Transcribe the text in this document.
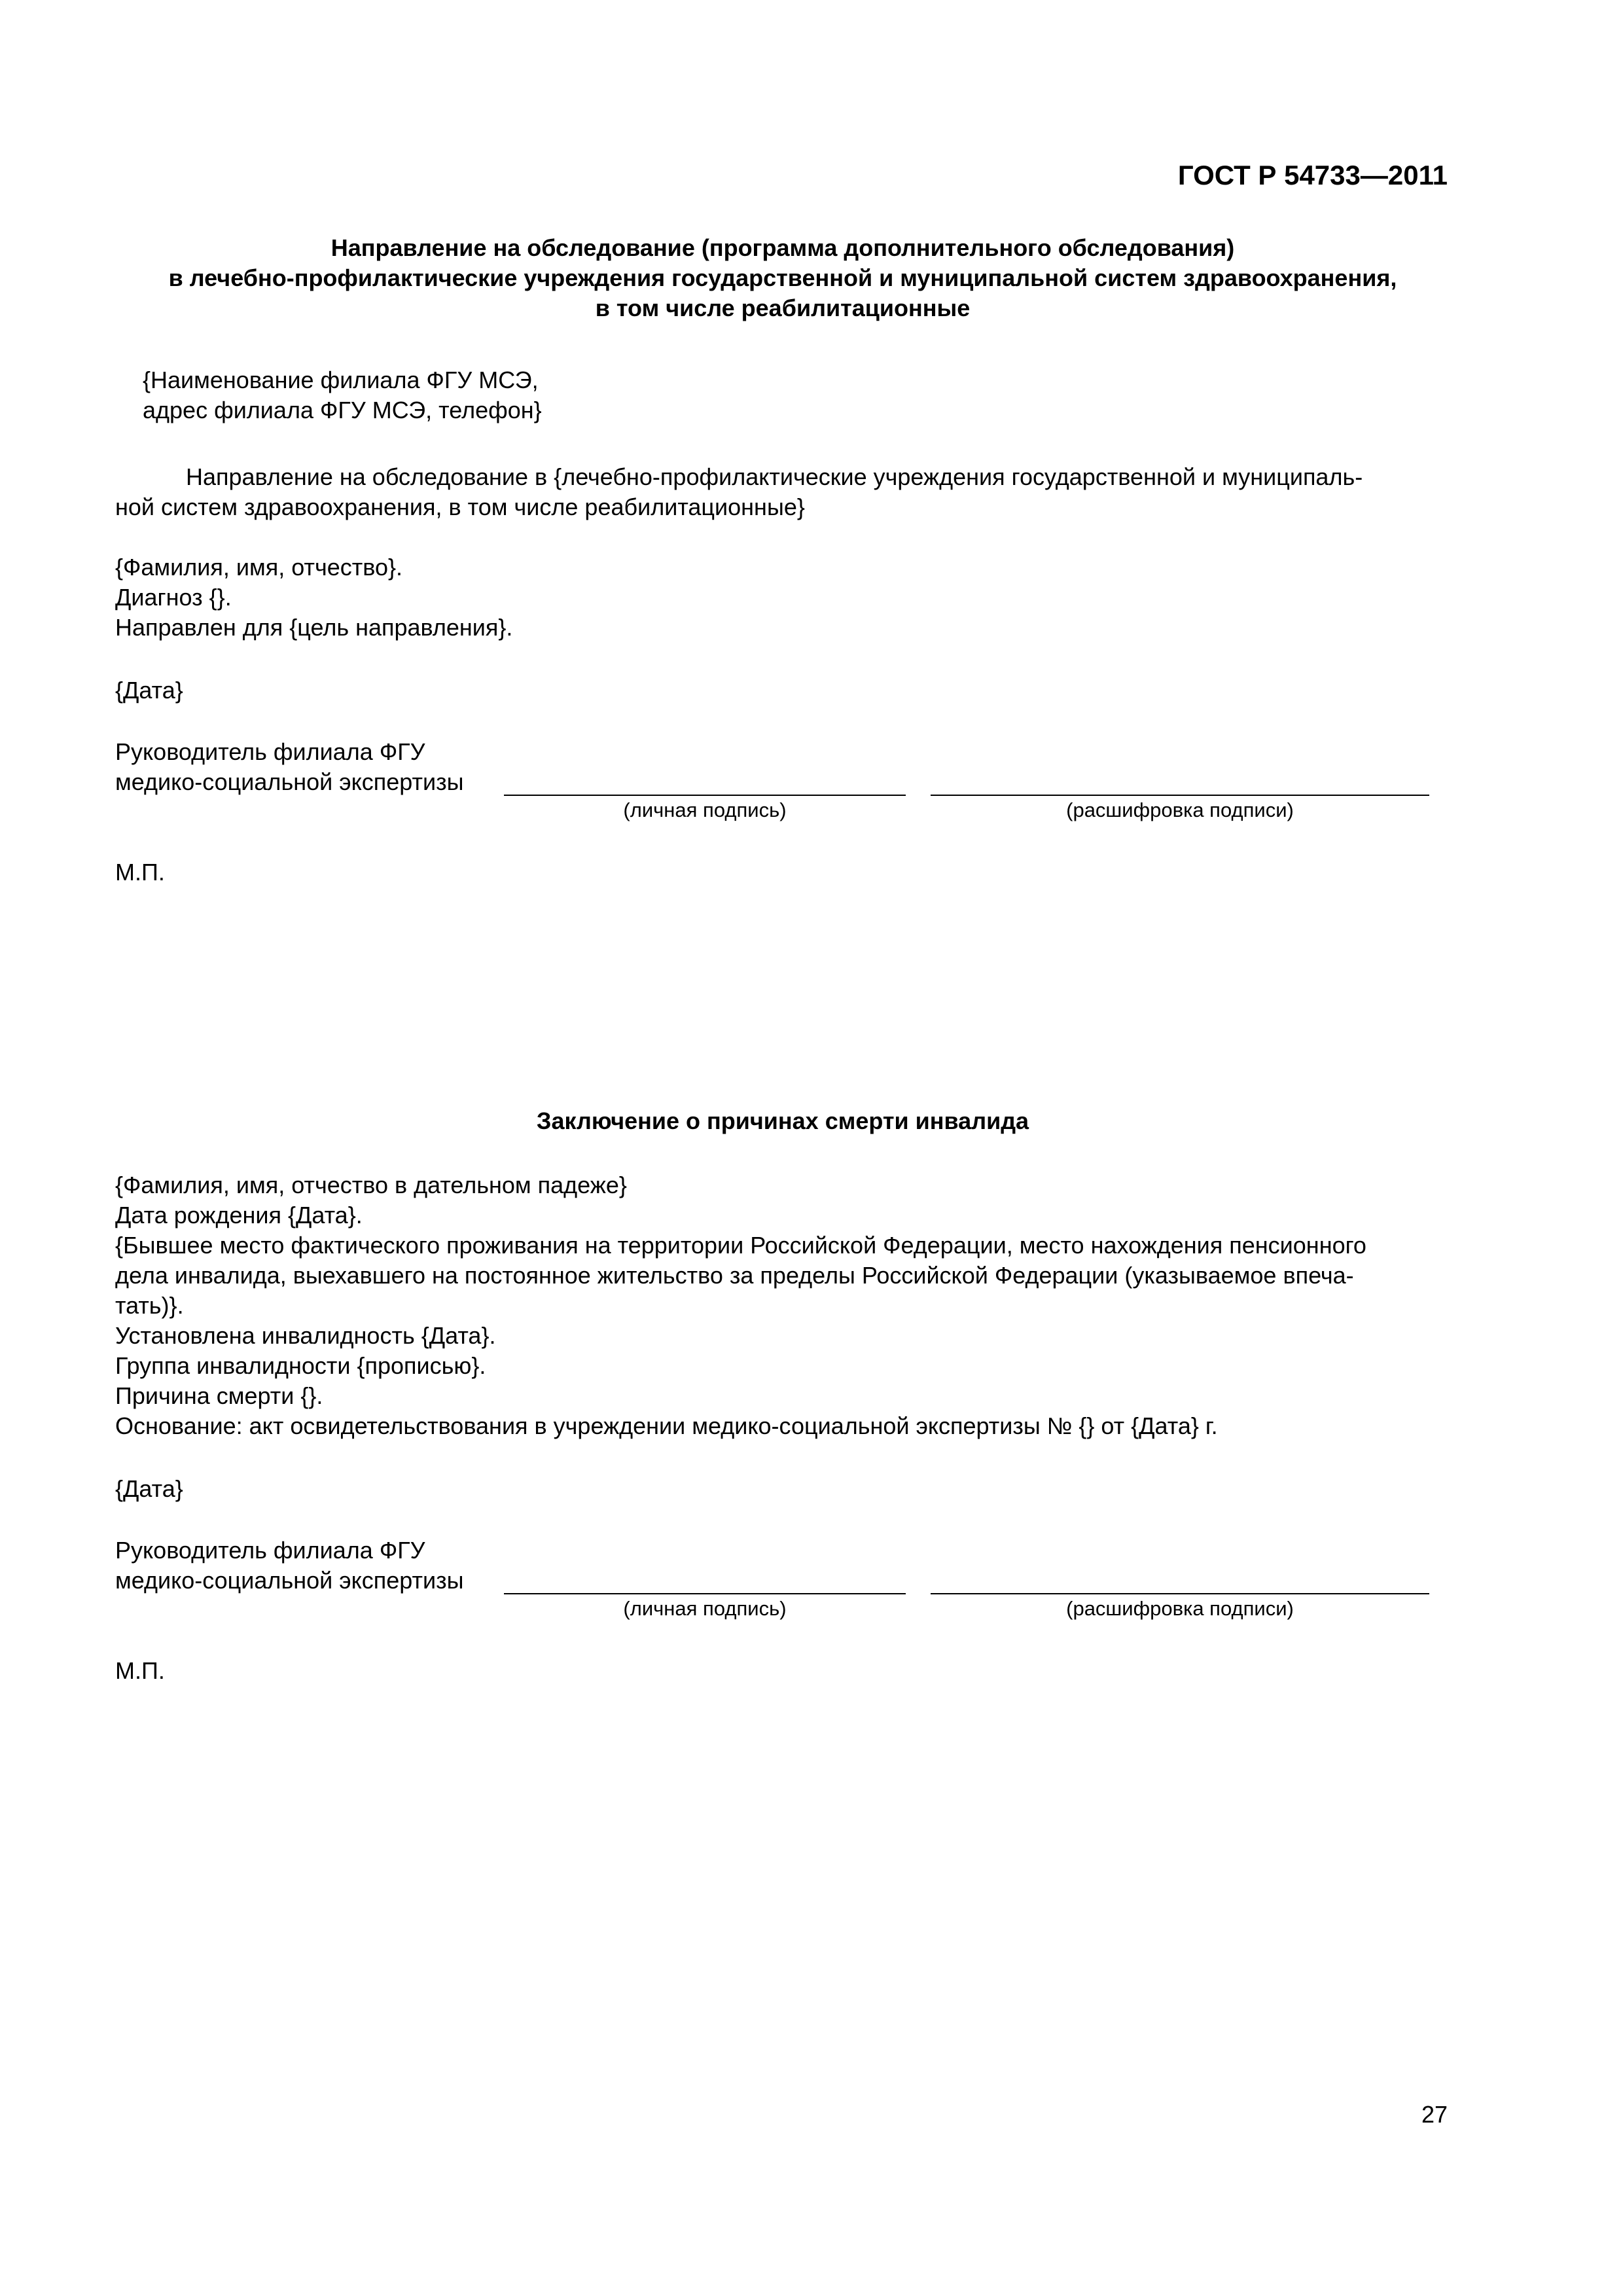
ГОСТ Р 54733—2011
Направление на обследование (программа дополнительного обследования)
в лечебно-профилактические учреждения государственной и муниципальной систем здравоохранения,
в том числе реабилитационные
{Наименование филиала ФГУ МСЭ,
адрес филиала ФГУ МСЭ, телефон}
Направление на обследование в {лечебно-профилактические учреждения государственной и муниципаль-
ной систем здравоохранения, в том числе реабилитационные}
{Фамилия, имя, отчество}.
Диагноз {}.
Направлен для {цель направления}.
{Дата}
Руководитель филиала ФГУ
медико-социальной экспертизы
(личная подпись)	(расшифровка подписи)
М.П.
Заключение о причинах смерти инвалида
{Фамилия, имя, отчество в дательном падеже}
Дата рождения {Дата}.
{Бывшее место фактического проживания на территории Российской Федерации, место нахождения пенсионного
дела инвалида, выехавшего на постоянное жительство за пределы Российской Федерации (указываемое впеча-
тать)}.
Установлена инвалидность {Дата}.
Группа инвалидности {прописью}.
Причина смерти {}.
Основание: акт освидетельствования в учреждении медико-социальной экспертизы № {} от {Дата} г.
{Дата}
Руководитель филиала ФГУ
медико-социальной экспертизы
(личная подпись)	(расшифровка подписи)
М.П.
27
